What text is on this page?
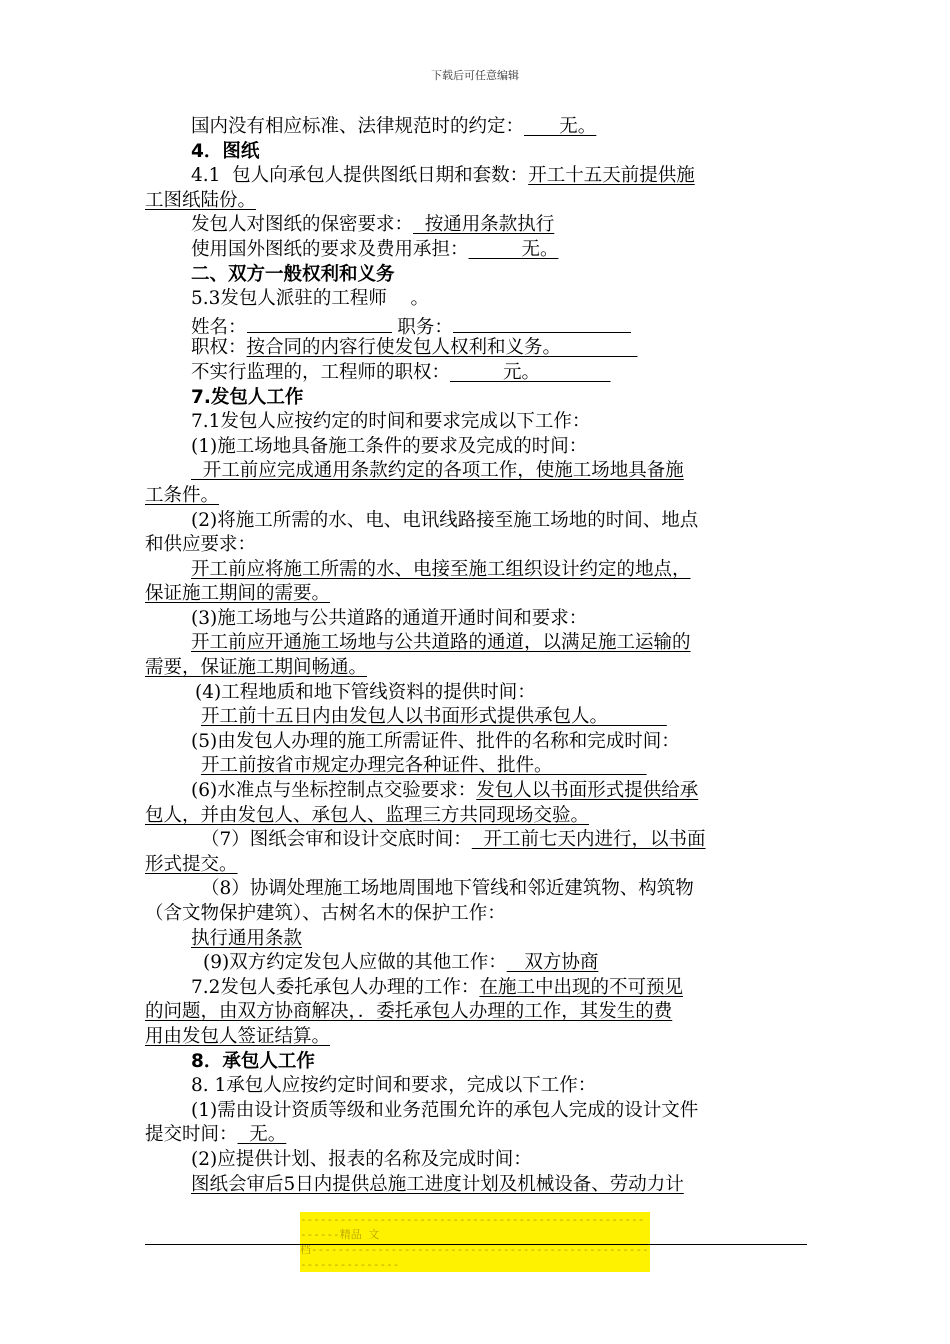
下载后可任意编辑
国内没有相应标准、法律规范时的约定：      无。
4．图纸
4.1  包人向承包人提供图纸日期和套数：开工十五天前提供施
工图纸陆份。
发包人对图纸的保密要求：  按通用条款执行
使用国外图纸的要求及费用承担：         无。
二、双方一般权利和义务
5.3发包人派驻的工程师    。
姓名：	职务：
职权：按合同的内容行使发包人权利和义务。
不实行监理的，工程师的职权：         元。
7.发包人工作
7.1发包人应按约定的时间和要求完成以下工作：
(1)施工场地具备施工条件的要求及完成的时间：
开工前应完成通用条款约定的各项工作，使施工场地具备施
工条件。
(2)将施工所需的水、电、电讯线路接至施工场地的时间、地点
和供应要求：
开工前应将施工所需的水、电接至施工组织设计约定的地点，
保证施工期间的需要。
(3)施工场地与公共道路的通道开通时间和要求：
开工前应开通施工场地与公共道路的通道，以满足施工运输的
需要，保证施工期间畅通。
(4)工程地质和地下管线资料的提供时间：
开工前十五日内由发包人以书面形式提供承包人。
(5)由发包人办理的施工所需证件、批件的名称和完成时间：
开工前按省市规定办理完各种证件、批件。
(6)水准点与坐标控制点交验要求：发包人以书面形式提供给承
包人，并由发包人、承包人、监理三方共同现场交验。
（7）图纸会审和设计交底时间：  开工前七天内进行，以书面
形式提交。
（8）协调处理施工场地周围地下管线和邻近建筑物、构筑物
（含文物保护建筑）、古树名木的保护工作：
执行通用条款
(9)双方约定发包人应做的其他工作：   双方协商
7.2发包人委托承包人办理的工作：在施工中出现的不可预见
的问题，由双方协商解决，．委托承包人办理的工作，其发生的费
用由发包人签证结算。
8．承包人工作
8. 1承包人应按约定时间和要求，完成以下工作：
(1)需由设计资质等级和业务范围允许的承包人完成的设计文件
提交时间：  无。
(2)应提供计划、报表的名称及完成时间：
图纸会审后5日内提供总施工进度计划及机械设备、劳动力计
----------------------------------------------------------精品 文
档------------------------------------------------------------------
